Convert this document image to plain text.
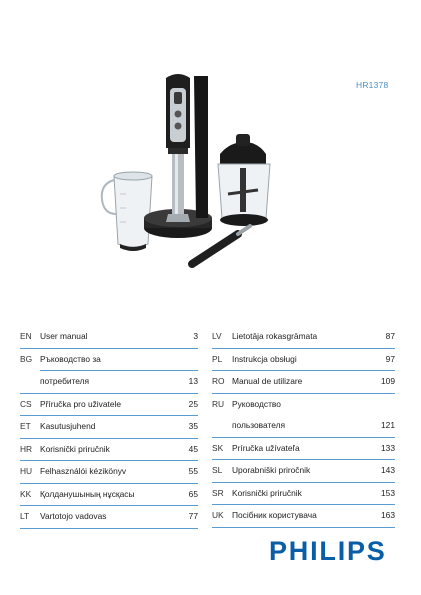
HR1378
EN User manual	3
BG Ръководство за
потребителя	13
CS Příručka pro uživatele	25
ET	Kasutusjuhend	35
HR Korisnički priručnik	45
HU Felhasználói kézikönyv	55
KK	Қолданушының нұсқасы	65
LT	Vartotojo vadovas	77
LV	Lietotāja rokasgrāmata	87
PL	Instrukcja obsługi	97
RO Manual de utilizare	109
RU Руководство
пользователя	121
SK	Príručka užívateľa	133
SL	Uporabniški priročnik	143
SR Korisnički priručnik	153
UK Посібник користувача	163
PHILIPS
